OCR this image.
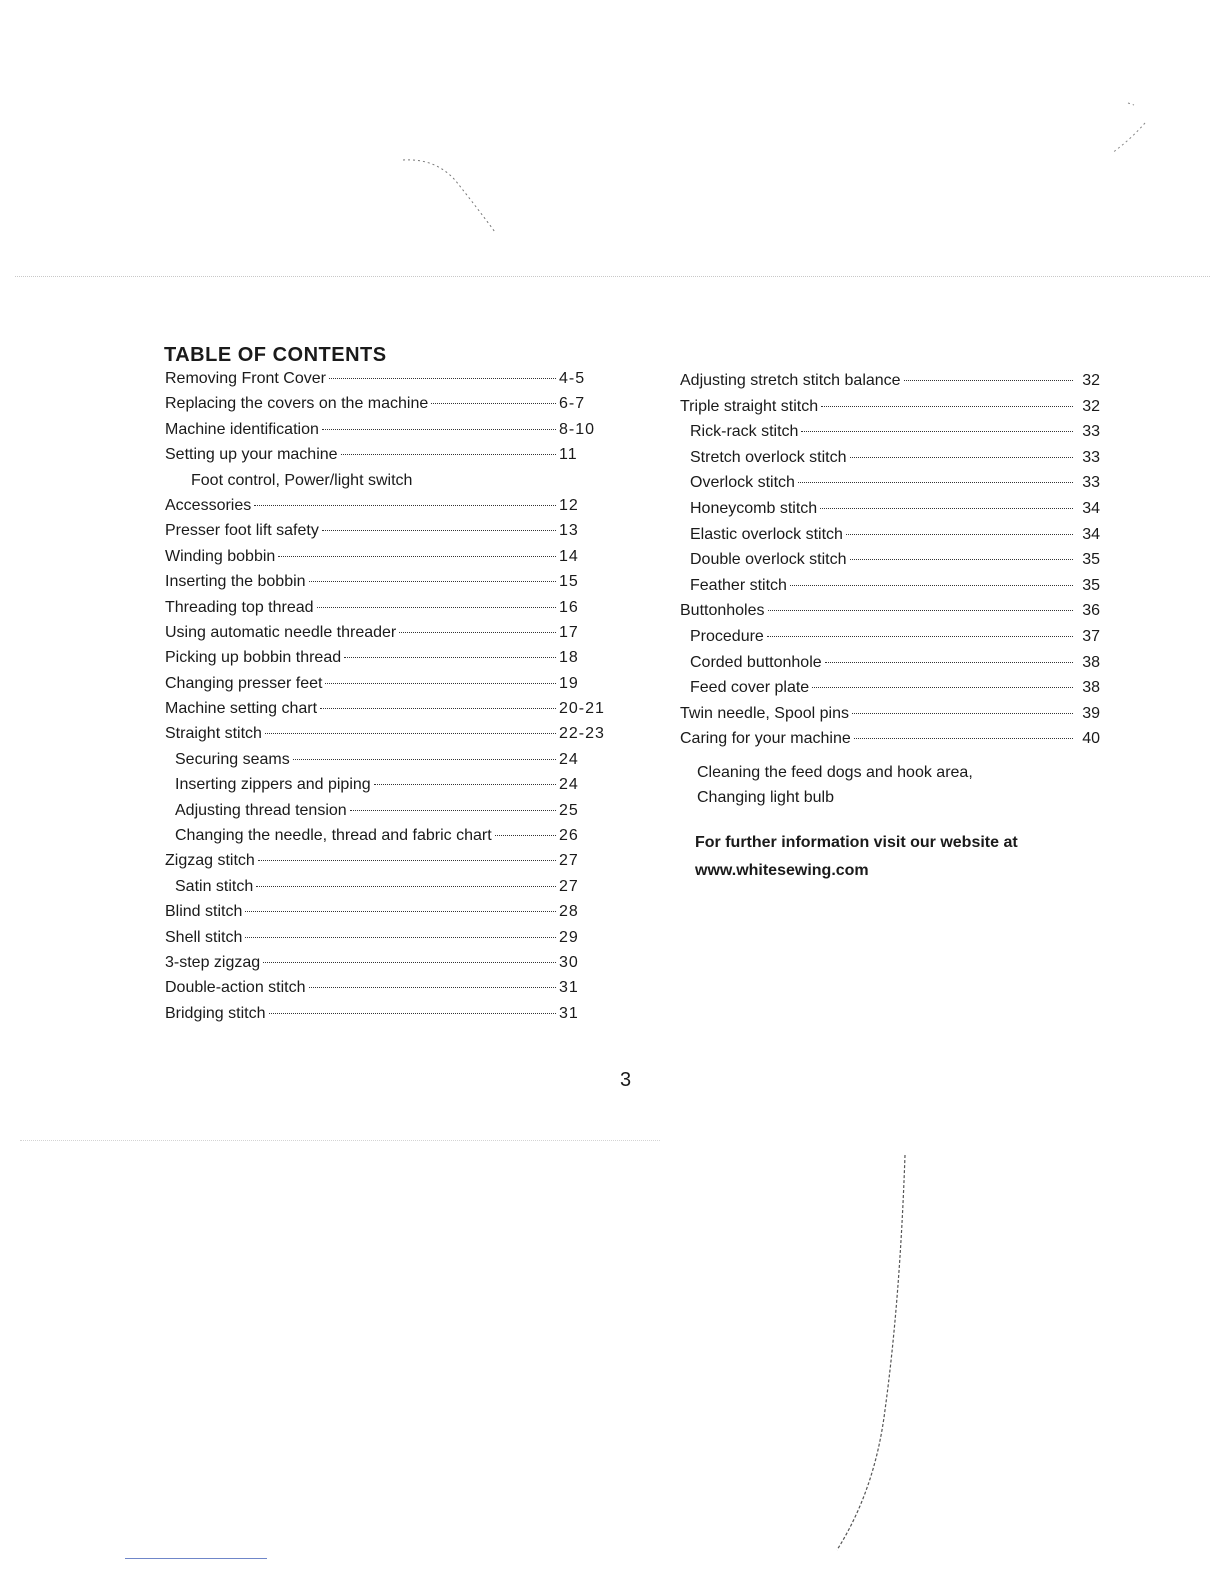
TABLE OF CONTENTS
Removing Front Cover	4-5
Replacing the covers on the machine	6-7
Machine identification	8-10
Setting up your machine	11
Foot control, Power/light switch
Accessories	12
Presser foot lift safety	13
Winding bobbin	14
Inserting the bobbin	15
Threading top thread	16
Using automatic needle threader	17
Picking up bobbin thread	18
Changing presser feet	19
Machine setting chart	20-21
Straight stitch	22-23
Securing seams	24
Inserting zippers and piping	24
Adjusting thread tension	25
Changing the needle, thread and fabric chart	26
Zigzag stitch	27
Satin stitch	27
Blind stitch	28
Shell stitch	29
3-step zigzag	30
Double-action stitch	31
Bridging stitch	31
Adjusting stretch stitch balance	32
Triple straight stitch	32
Rick-rack stitch	33
Stretch overlock stitch	33
Overlock stitch	33
Honeycomb stitch	34
Elastic overlock stitch	34
Double overlock stitch	35
Feather stitch	35
Buttonholes	36
Procedure	37
Corded buttonhole	38
Feed cover plate	38
Twin needle, Spool pins	39
Caring for your machine	40

Cleaning the feed dogs and hook area,

Changing light bulb

For further information visit our website at

www.whitesewing.com

3
